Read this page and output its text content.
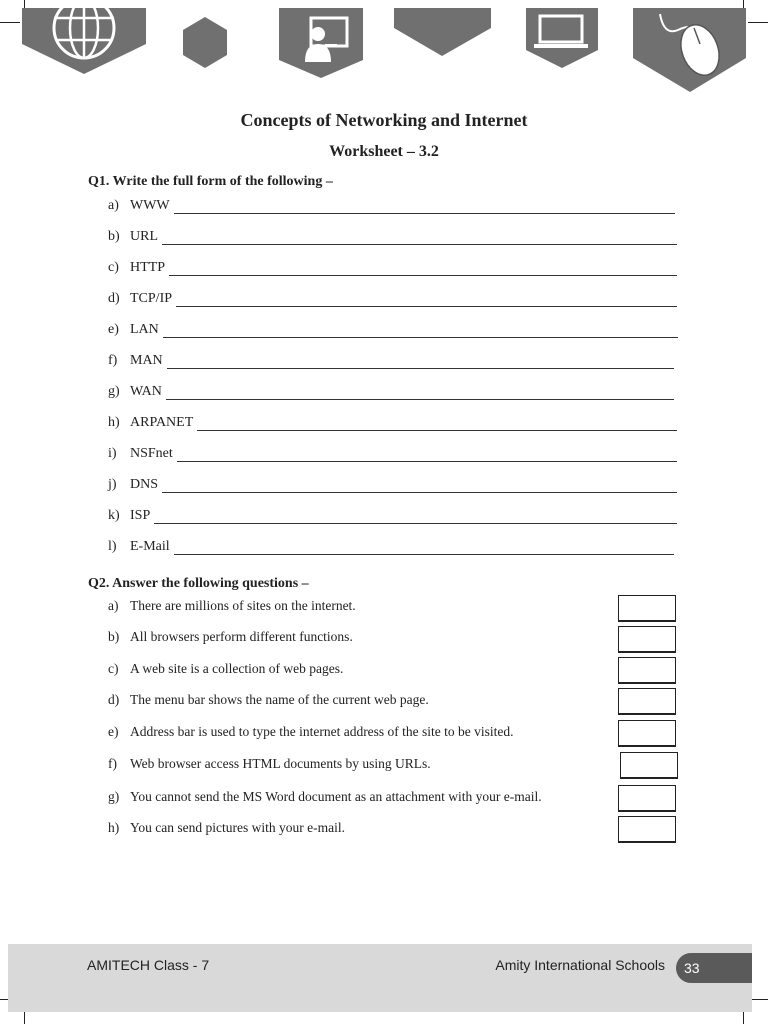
Concepts of Networking and Internet
Worksheet – 3.2
Q1. Write the full form of the following –
a) WWW
b) URL
c) HTTP
d) TCP/IP
e) LAN
f) MAN
g) WAN
h) ARPANET
i) NSFnet
j) DNS
k) ISP
l) E-Mail
Q2. Answer the following questions –
a) There are millions of sites on the internet.
b) All browsers perform different functions.
c) A web site is a collection of web pages.
d) The menu bar shows the name of the current web page.
e) Address bar is used to type the internet address of the site to be visited.
f) Web browser access HTML documents by using URLs.
g) You cannot send the MS Word document as an attachment with your e-mail.
h) You can send pictures with your e-mail.
AMITECH Class - 7	Amity International Schools 33
